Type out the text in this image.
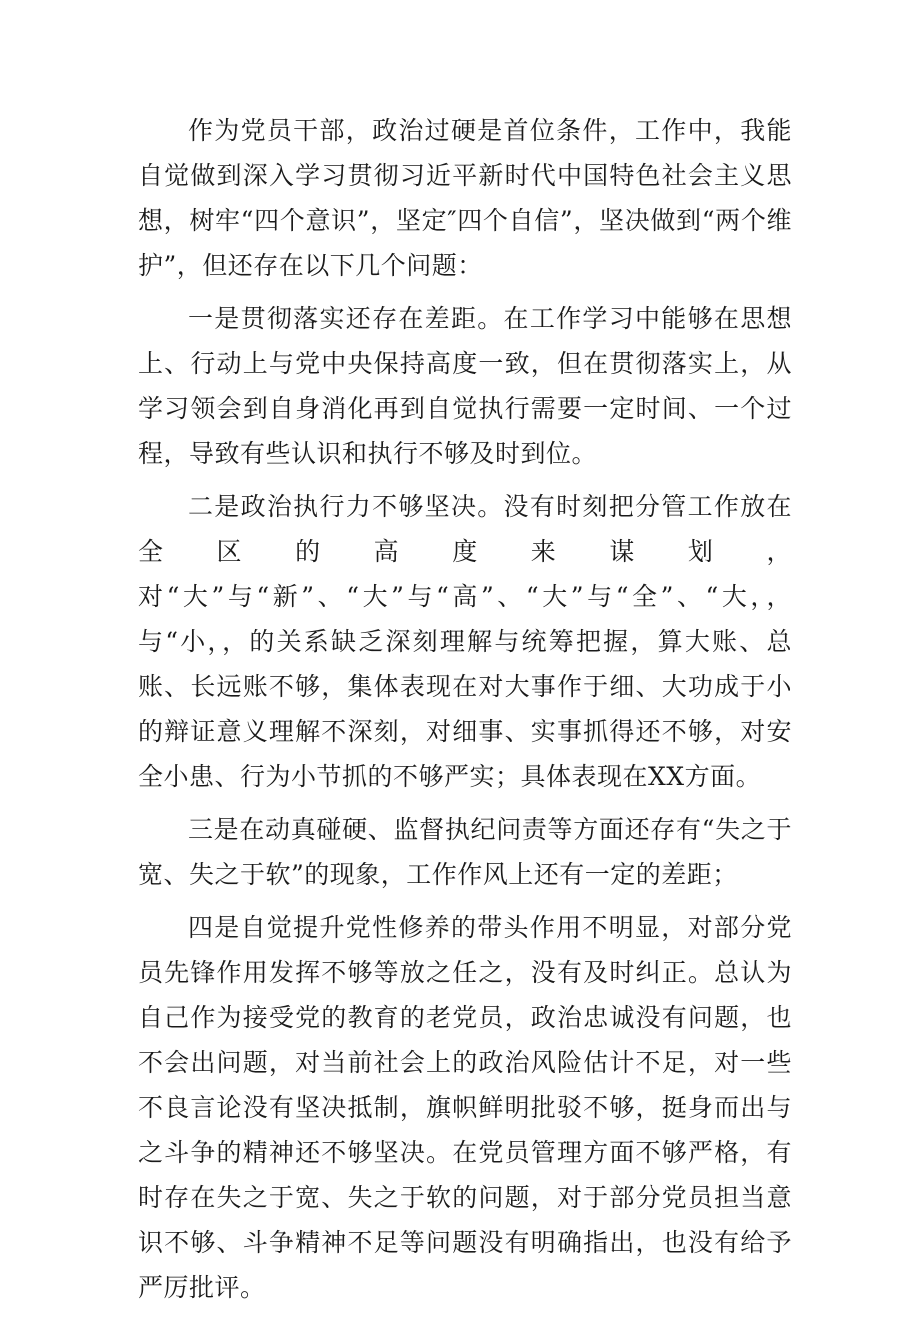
作为党员干部，政治过硬是首位条件，工作中，我能自觉做到深入学习贯彻习近平新时代中国特色社会主义思想，树牢“四个意识”，坚定″四个自信”，坚决做到“两个维护”，但还存在以下几个问题：

一是贯彻落实还存在差距。在工作学习中能够在思想上、行动上与党中央保持高度一致，但在贯彻落实上，从学习领会到自身消化再到自觉执行需要一定时间、一个过程，导致有些认识和执行不够及时到位。

二是政治执行力不够坚决。没有时刻把分管工作放在全区的高度来谋划，对“大”与“新”、“大”与“高”、“大”与“全”、“大，，与“小，，的关系缺乏深刻理解与统筹把握，算大账、总账、长远账不够，集体表现在对大事作于细、大功成于小的辩证意义理解不深刻，对细事、实事抓得还不够，对安全小患、行为小节抓的不够严实；具体表现在XX方面。

三是在动真碰硬、监督执纪问责等方面还存有“失之于宽、失之于软”的现象，工作作风上还有一定的差距；

四是自觉提升党性修养的带头作用不明显，对部分党员先锋作用发挥不够等放之任之，没有及时纠正。总认为自己作为接受党的教育的老党员，政治忠诚没有问题，也不会出问题，对当前社会上的政治风险估计不足，对一些不良言论没有坚决抵制，旗帜鲜明批驳不够，挺身而出与之斗争的精神还不够坚决。在党员管理方面不够严格，有时存在失之于宽、失之于软的问题，对于部分党员担当意识不够、斗争精神不足等问题没有明确指出，也没有给予严厉批评。
